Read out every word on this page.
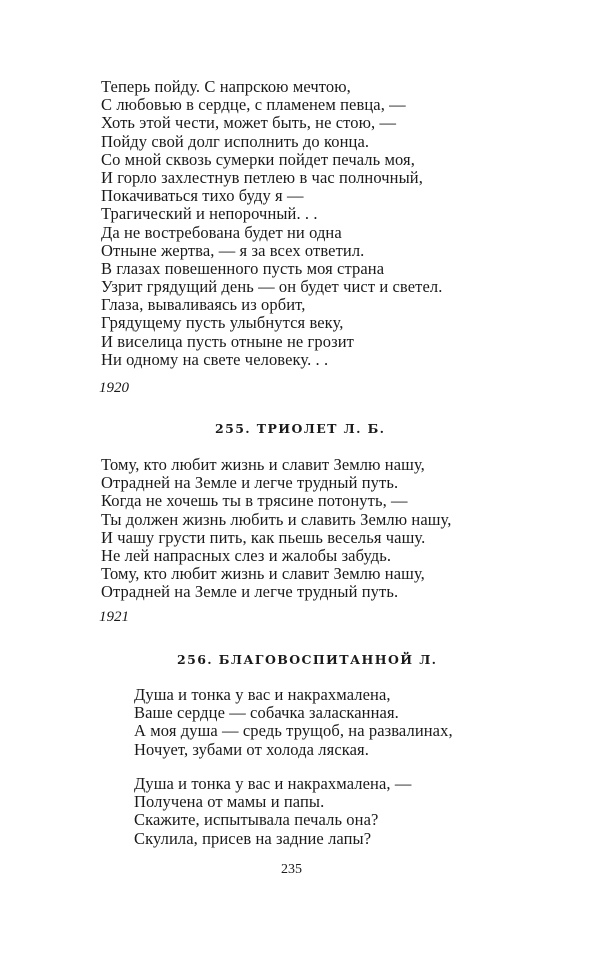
Теперь пойду. С напрскою мечтою,
С любовью в сердце, с пламенем певца, —
Хоть этой чести, может быть, не стою, —
Пойду свой долг исполнить до конца.
Со мной сквозь сумерки пойдет печаль моя,
И горло захлестнув петлею в час полночный,
Покачиваться тихо буду я —
Трагический и непорочный. . .
Да не востребована будет ни одна
Отныне жертва, — я за всех ответил.
В глазах повешенного пусть моя страна
Узрит грядущий день — он будет чист и светел.
Глаза, вываливаясь из орбит,
Грядущему пусть улыбнутся веку,
И виселица пусть отныне не грозит
Ни одному на свете человеку. . .
1920
255. ТРИОЛЕТ Л. Б.
Тому, кто любит жизнь и славит Землю нашу,
Отрадней на Земле и легче трудный путь.
Когда не хочешь ты в трясине потонуть, —
Ты должен жизнь любить и славить Землю нашу,
И чашу грусти пить, как пьешь веселья чашу.
Не лей напрасных слез и жалобы забудь.
Тому, кто любит жизнь и славит Землю нашу,
Отрадней на Земле и легче трудный путь.
1921
256. БЛАГОВОСПИТАННОЙ Л.
Душа и тонка у вас и накрахмалена,
Ваше сердце — собачка заласканная.
А моя душа — средь трущоб, на развалинах,
Ночует, зубами от холода ляская.
Душа и тонка у вас и накрахмалена, —
Получена от мамы и папы.
Скажите, испытывала печаль она?
Скулила, присев на задние лапы?
235
